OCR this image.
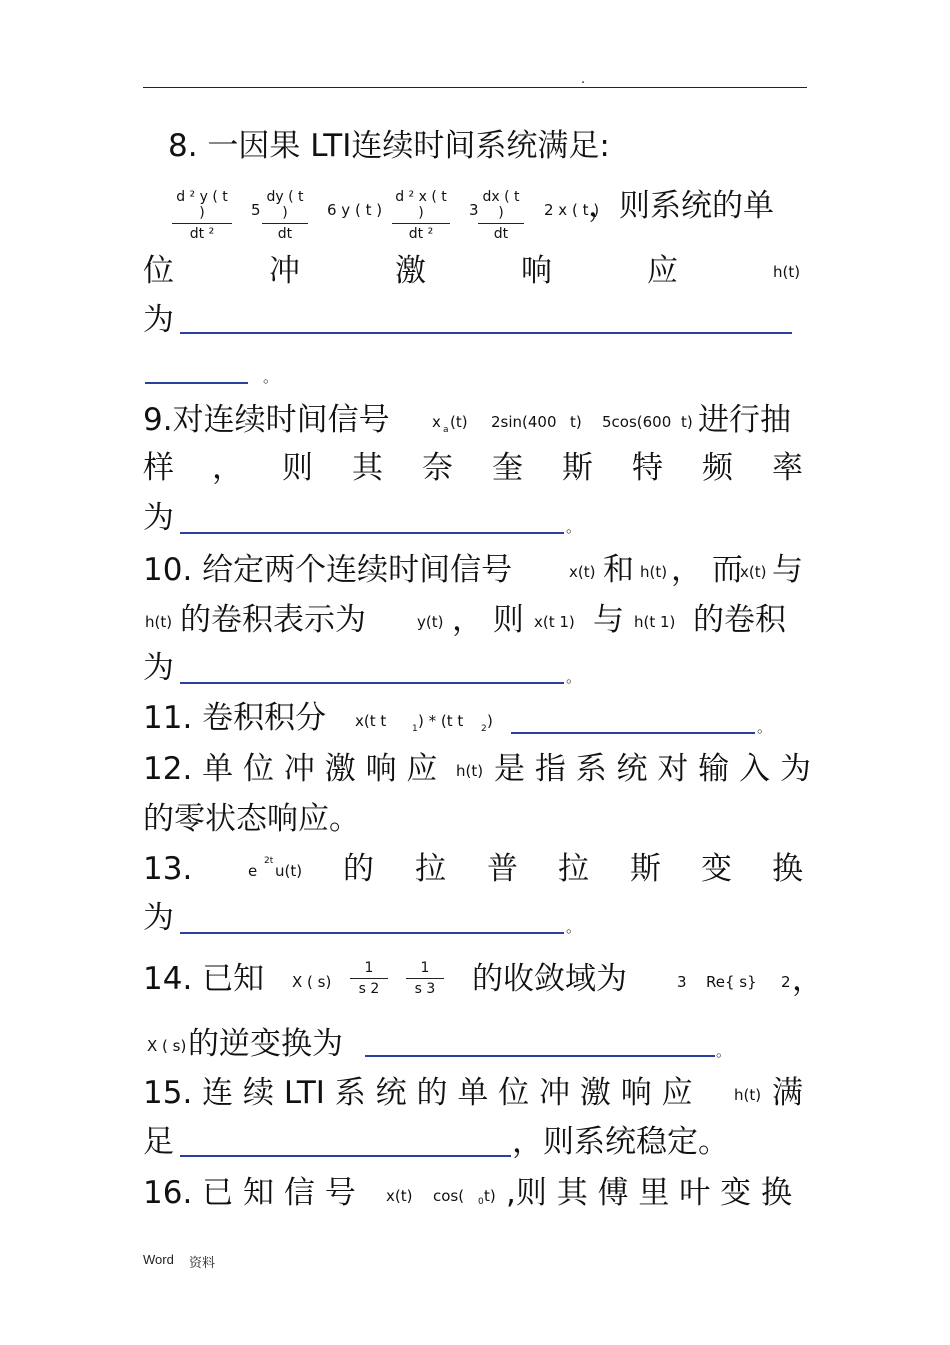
.
8. 一因果 LTI连续时间系统满足:
d ² y ( t )
dt ²
5
dy ( t )
dt
6 y ( t )
d ² x ( t )
dt ²
3
dx ( t )
dt
2 x ( t )
，则系统的单
位	冲	激	响	应	h(t)
为
。
9.对连续时间信号	x a (t) 2sin(400 t) 5cos(600 t) 进行抽
样 ， 则 其 奈 奎 斯 特 频 率
为	。
10. 给定两个连续时间信号	x(t) 和 h(t) ， 而
x(t) 与
h(t) 的卷积表示为	y(t) ， 则 x(t 1) 与 h(t 1) 的卷积
为	。
11. 卷积积分 x(t t	1 ) * (t t 2 )	。
12. 单 位 冲 激 响 应 h(t) 是 指 系 统 对 输 入 为
的零状态响应。
13.	e
2t
u(t) 的 拉 普 拉 斯 变 换
为	。
14. 已知 X ( s)
1
s 2
1
s 3 的收敛域为	3 Re{ s} 2 ，
X ( s) 的逆变换为	。
15. 连 续 LTI 系 统 的 单 位 冲 激 响 应	h(t) 满
足	，则系统稳定。
16. 已 知 信 号 x(t) cos( 0 t) ,则 其 傅 里 叶 变 换
Word 资料
